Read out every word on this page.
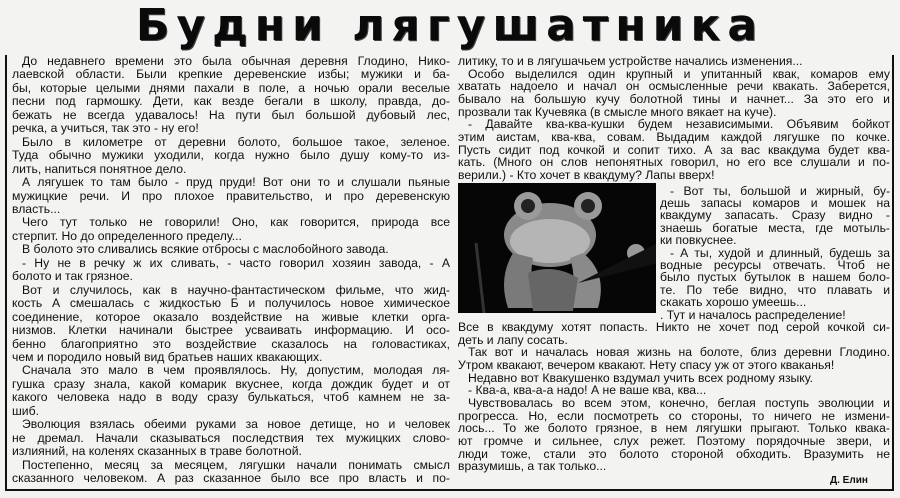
Будни лягушатника
До недавнего времени это была обычная деревня Глодино, Нико-
лаевской области. Были крепкие деревенские избы; мужики и ба-
бы, которые целыми днями пахали в поле, а ночью орали веселые
песни под гармошку. Дети, как везде бегали в школу, правда, до-
бежать не всегда удавалось! На пути был большой дубовый лес,
речка, а учиться, так это - ну его!
Было в километре от деревни болото, большое такое, зеленое.
Туда обычно мужики уходили, когда нужно было душу кому-то из-
лить, напиться понятное дело.
А лягушек то там было - пруд пруди! Вот они то и слушали пьяные
мужицкие речи. И про плохое правительство, и про деревенскую
власть...
Чего тут только не говорили! Оно, как говорится, природа все
стерпит. Но до определенного пределу...
В болото это сливались всякие отбросы с маслобойного завода.
- Ну не в речку ж их сливать, - часто говорил хозяин завода, - А
болото и так грязное.
Вот и случилось, как в научно-фантастическом фильме, что жид-
кость А смешалась с жидкостью Б и получилось новое химическое
соединение, которое оказало воздействие на живые клетки орга-
низмов. Клетки начинали быстрее усваивать информацию. И осо-
бенно благоприятно это воздействие сказалось на головастиках,
чем и породило новый вид братьев наших квакающих.
Сначала это мало в чем проявлялось. Ну, допустим, молодая ля-
гушка сразу знала, какой комарик вкуснее, когда дождик будет и от
какого человека надо в воду сразу булькаться, чтоб камнем не за-
шиб.
Эволюция взялась обеими руками за новое детище, но и человек
не дремал. Начали сказываться последствия тех мужицких слово-
излияний, на коленях сказанных в траве болотной.
Постепенно, месяц за месяцем, лягушки начали понимать смысл
сказанного человеком. А раз сказанное было все про власть и по-
литику, то и в лягушачьем устройстве начались изменения...
Особо выделился один крупный и упитанный квак, комаров ему
хватать надоело и начал он осмысленные речи квакать. Заберется,
бывало на большую кучу болотной тины и начнет... За это его и
прозвали так Кучевяка (в смысле много вякает на куче).
- Давайте ква-ква-кушки будем независимыми. Объявим бойкот
этим аистам, ква-ква, совам. Выдадим каждой лягушке по кочке.
Пусть сидит под кочкой и сопит тихо. А за вас квакдума будет ква-
кать. (Много он слов непонятных говорил, но его все слушали и по-
верили.) - Кто хочет в квакдуму? Лапы вверх!
- Вот ты, большой и жирный, бу-
дешь запасы комаров и мошек на
квакдуму запасать. Сразу видно -
знаешь богатые места, где мотыль-
ки повкуснее.
- А ты, худой и длинный, будешь за
водные ресурсы отвечать. Чтоб не
было пустых бутылок в нашем боло-
те. По тебе видно, что плавать и
скакать хорошо умеешь...
. Тут и началось распределение!
Все в квакдуму хотят попасть. Никто не хочет под серой кочкой си-
деть и лапу сосать.
Так вот и началась новая жизнь на болоте, близ деревни Глодино.
Утром квакают, вечером квакают. Нету спасу уж от этого кваканья!
Недавно вот Квакушенко вздумал учить всех родному языку.
- Ква-а, ква-а-а надо! А не ваше ква, ква...
Чувствовалась во всем этом, конечно, беглая поступь эволюции и
прогресса. Но, если посмотреть со стороны, то ничего не измени-
лось... То же болото грязное, в нем лягушки прыгают. Только квака-
ют громче и сильнее, слух режет. Поэтому порядочные звери, и
люди тоже, стали это болото стороной обходить. Вразумить не
вразумишь, а так только...
Д. Елин
